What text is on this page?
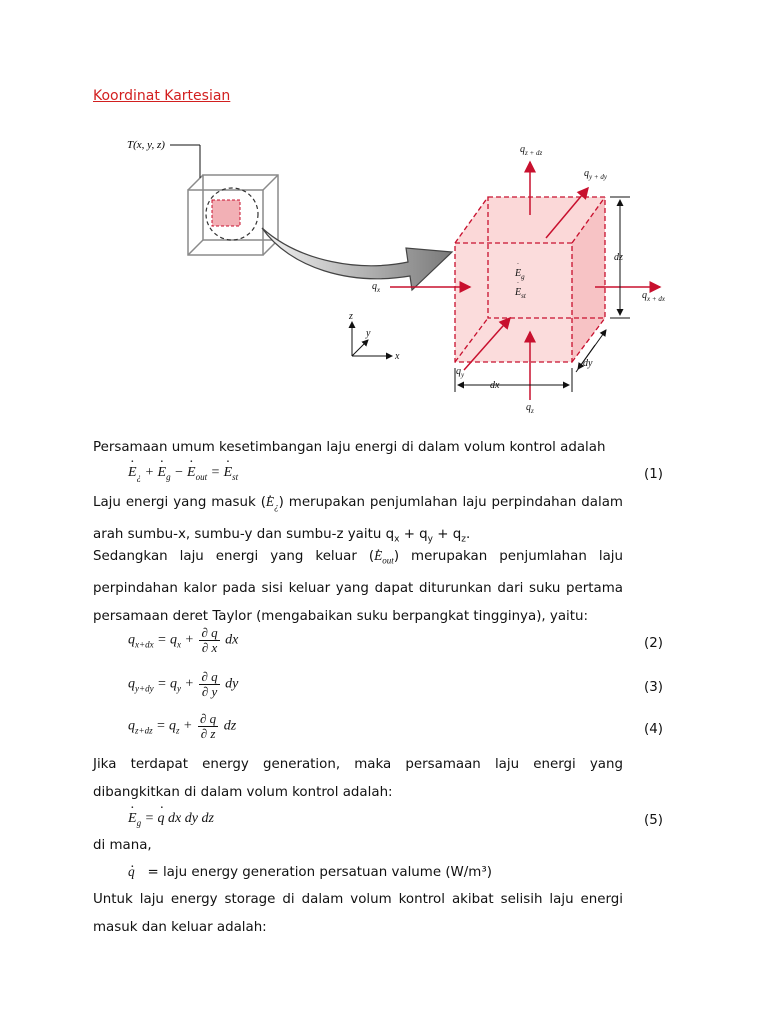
Koordinat Kartesian
T(x, y, z)	$q_{z + dz}$
$q_{y + dy}$
$q_x$	$q_{x + dx}$
$q_y$
$q_z$
dz
dx
dy
$E_g$
$E_{st}$
·
·
z
y
x
Persamaan umum kesetimbangan laju energi di dalam volum kontrol adalah
· $E_¿$ + · $E_g$ − · $E_{out}$ = · $E_{st}$	(1)
Laju energi yang masuk (· $E_¿$) merupakan penjumlahan laju perpindahan dalam arah sumbu-x, sumbu-y dan sumbu-z yaitu $q_x + q_y + q_z$.
Sedangkan laju energi yang keluar (· $E_{out}$) merupakan penjumlahan laju perpindahan kalor pada sisi keluar yang dapat diturunkan dari suku pertama persamaan deret Taylor (mengabaikan suku berpangkat tingginya), yaitu:
$q_{x+dx} = q_x + \frac{\partial q}{\partial x}$ dx	(2)
$q_{y+dy} = q_y + \frac{\partial q}{\partial y}$ dy	(3)
$q_{z+dz} = q_z + \frac{\partial q}{\partial z}$ dz	(4)
Jika terdapat energy generation, maka persamaan laju energi yang dibangkitkan di dalam volum kontrol adalah:
· $E_g$ = · q dx dy dz	(5)
di mana,
· q = laju energy generation persatuan valume (W/m³)
Untuk laju energy storage di dalam volum kontrol akibat selisih laju energi masuk dan keluar adalah:
